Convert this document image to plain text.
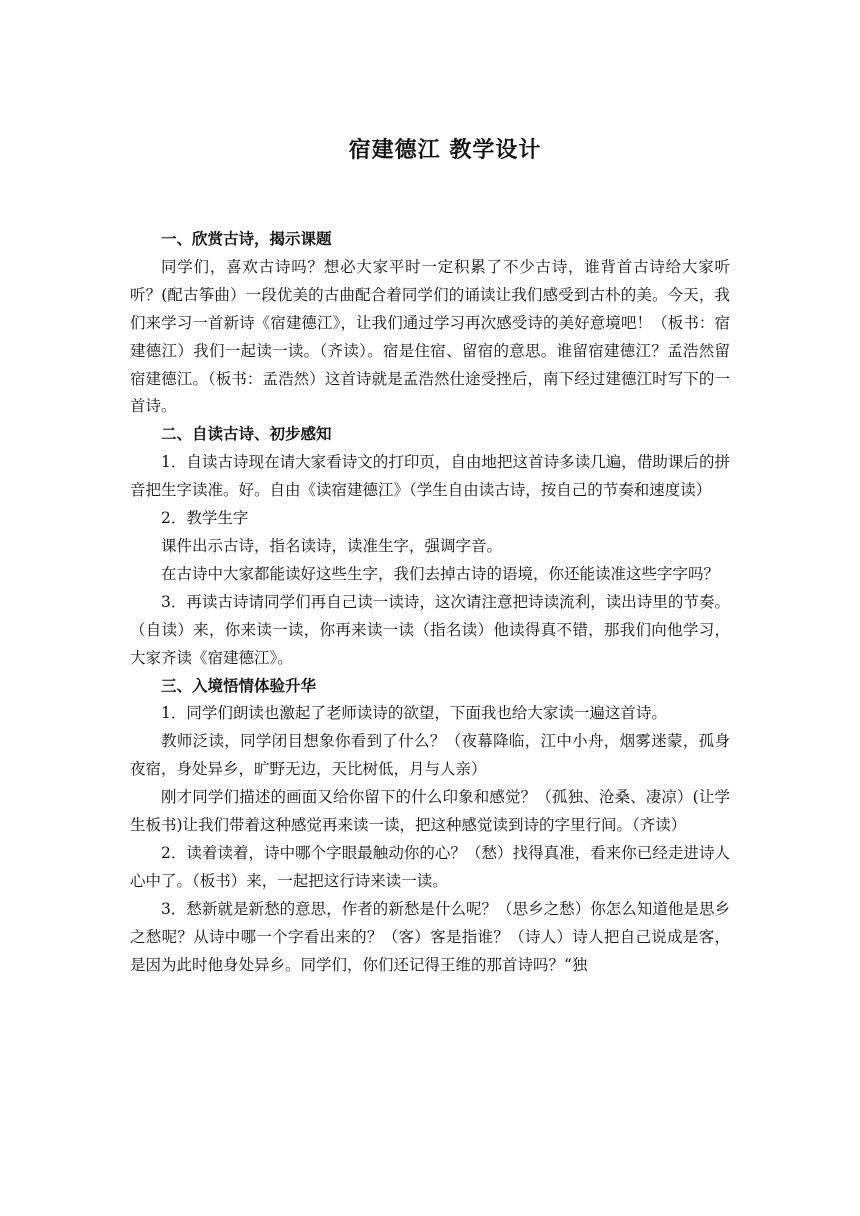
宿建德江 教学设计
一、欣赏古诗，揭示课题

同学们，喜欢古诗吗？想必大家平时一定积累了不少古诗，谁背首古诗给大家听听？(配古筝曲）一段优美的古曲配合着同学们的诵读让我们感受到古朴的美。今天，我们来学习一首新诗《宿建德江》，让我们通过学习再次感受诗的美好意境吧！（板书：宿建德江）我们一起读一读。（齐读）。宿是住宿、留宿的意思。谁留宿建德江？孟浩然留宿建德江。（板书：孟浩然）这首诗就是孟浩然仕途受挫后，南下经过建德江时写下的一首诗。

二、自读古诗、初步感知

1．自读古诗现在请大家看诗文的打印页，自由地把这首诗多读几遍，借助课后的拼音把生字读准。好。自由《读宿建德江》（学生自由读古诗，按自己的节奏和速度读）

2．教学生字

课件出示古诗，指名读诗，读准生字，强调字音。

在古诗中大家都能读好这些生字，我们去掉古诗的语境，你还能读准这些字字吗？

3．再读古诗请同学们再自己读一读诗，这次请注意把诗读流利，读出诗里的节奏。（自读）来，你来读一读，你再来读一读（指名读）他读得真不错，那我们向他学习，大家齐读《宿建德江》。

三、入境悟情体验升华

1．同学们朗读也激起了老师读诗的欲望，下面我也给大家读一遍这首诗。

教师泛读，同学闭目想象你看到了什么？（夜幕降临，江中小舟，烟雾迷蒙，孤身夜宿，身处异乡，旷野无边，天比树低，月与人亲）

刚才同学们描述的画面又给你留下的什么印象和感觉？（孤独、沧桑、凄凉）(让学生板书)让我们带着这种感觉再来读一读，把这种感觉读到诗的字里行间。（齐读）

2．读着读着，诗中哪个字眼最触动你的心？（愁）找得真准，看来你已经走进诗人心中了。（板书）来，一起把这行诗来读一读。

3．愁新就是新愁的意思，作者的新愁是什么呢？（思乡之愁）你怎么知道他是思乡之愁呢？从诗中哪一个字看出来的？（客）客是指谁？（诗人）诗人把自己说成是客，是因为此时他身处异乡。同学们，你们还记得王维的那首诗吗？“独
